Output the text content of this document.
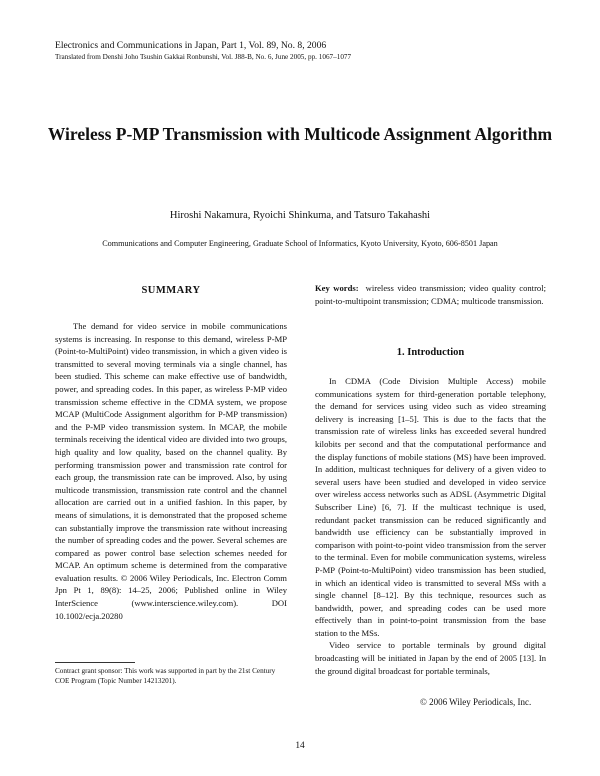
Electronics and Communications in Japan, Part 1, Vol. 89, No. 8, 2006
Translated from Denshi Joho Tsushin Gakkai Ronbunshi, Vol. J88-B, No. 6, June 2005, pp. 1067–1077
Wireless P-MP Transmission with Multicode Assignment Algorithm
Hiroshi Nakamura, Ryoichi Shinkuma, and Tatsuro Takahashi
Communications and Computer Engineering, Graduate School of Informatics, Kyoto University, Kyoto, 606-8501 Japan
SUMMARY

The demand for video service in mobile communications systems is increasing. In response to this demand, wireless P-MP (Point-to-MultiPoint) video transmission, in which a given video is transmitted to several moving terminals via a single channel, has been studied. This scheme can make effective use of bandwidth, power, and spreading codes. In this paper, as wireless P-MP video transmission scheme effective in the CDMA system, we propose MCAP (MultiCode Assignment algorithm for P-MP transmission) and the P-MP video transmission system. In MCAP, the mobile terminals receiving the identical video are divided into two groups, high quality and low quality, based on the channel quality. By performing transmission power and transmission rate control for each group, the transmission rate can be improved. Also, by using multicode transmission, transmission rate control and the channel allocation are carried out in a unified fashion. In this paper, by means of simulations, it is demonstrated that the proposed scheme can substantially improve the transmission rate without increasing the number of spreading codes and the power. Several schemes are compared as power control base selection schemes needed for MCAP. An optimum scheme is determined from the comparative evaluation results. © 2006 Wiley Periodicals, Inc. Electron Comm Jpn Pt 1, 89(8): 14–25, 2006; Published online in Wiley InterScience (www.interscience.wiley.com). DOI 10.1002/ecja.20280

Contract grant sponsor: This work was supported in part by the 21st Century COE Program (Topic Number 14213201).

Key words: wireless video transmission; video quality control; point-to-multipoint transmission; CDMA; multicode transmission.

1. Introduction

In CDMA (Code Division Multiple Access) mobile communications system for third-generation portable telephony, the demand for services using video such as video streaming delivery is increasing [1–5]. This is due to the facts that the transmission rate of wireless links has exceeded several hundred kilobits per second and that the computational performance and the display functions of mobile stations (MS) have been improved. In addition, multicast techniques for delivery of a given video to several users have been studied and developed in video service over wireless access networks such as ADSL (Asymmetric Digital Subscriber Line) [6, 7]. If the multicast technique is used, redundant packet transmission can be reduced significantly and bandwidth use efficiency can be substantially improved in comparison with point-to-point video transmission from the server to the terminal. Even for mobile communication systems, wireless P-MP (Point-to-MultiPoint) video transmission has been studied, in which an identical video is transmitted to several MSs with a single channel [8–12]. By this technique, resources such as bandwidth, power, and spreading codes can be used more effectively than in point-to-point transmission from the base station to the MSs.

Video service to portable terminals by ground digital broadcasting will be initiated in Japan by the end of 2005 [13]. In the ground digital broadcast for portable terminals,

© 2006 Wiley Periodicals, Inc.
14
